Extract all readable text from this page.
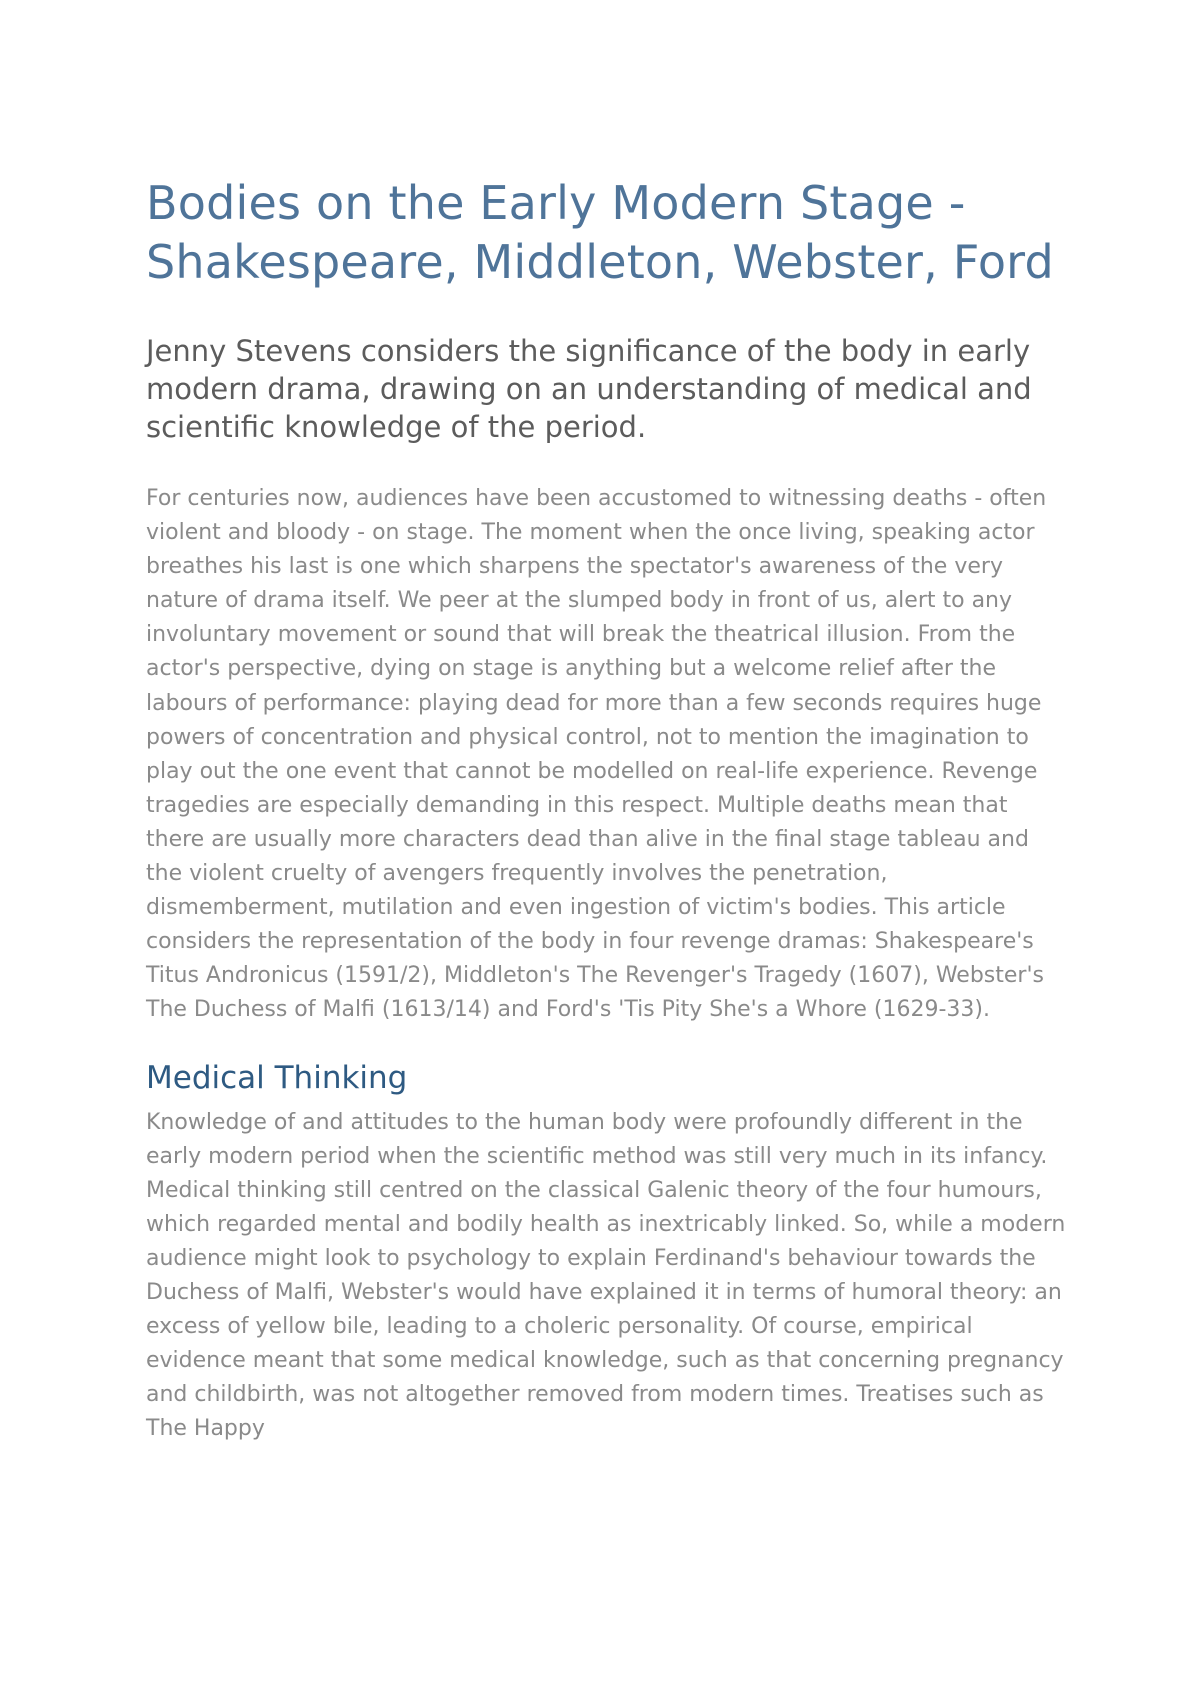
Bodies on the Early Modern Stage - Shakespeare, Middleton, Webster, Ford
Jenny Stevens considers the significance of the body in early modern drama, drawing on an understanding of medical and scientific knowledge of the period.

For centuries now, audiences have been accustomed to witnessing deaths - often violent and bloody - on stage. The moment when the once living, speaking actor breathes his last is one which sharpens the spectator's awareness of the very nature of drama itself. We peer at the slumped body in front of us, alert to any involuntary movement or sound that will break the theatrical illusion. From the actor's perspective, dying on stage is anything but a welcome relief after the labours of performance: playing dead for more than a few seconds requires huge powers of concentration and physical control, not to mention the imagination to play out the one event that cannot be modelled on real-life experience. Revenge tragedies are especially demanding in this respect. Multiple deaths mean that there are usually more characters dead than alive in the final stage tableau and the violent cruelty of avengers frequently involves the penetration, dismemberment, mutilation and even ingestion of victim's bodies. This article considers the representation of the body in four revenge dramas: Shakespeare's Titus Andronicus (1591/2), Middleton's The Revenger's Tragedy (1607), Webster's The Duchess of Malfi (1613/14) and Ford's 'Tis Pity She's a Whore (1629-33).

Medical Thinking

Knowledge of and attitudes to the human body were profoundly different in the early modern period when the scientific method was still very much in its infancy. Medical thinking still centred on the classical Galenic theory of the four humours, which regarded mental and bodily health as inextricably linked. So, while a modern audience might look to psychology to explain Ferdinand's behaviour towards the Duchess of Malfi, Webster's would have explained it in terms of humoral theory: an excess of yellow bile, leading to a choleric personality. Of course, empirical evidence meant that some medical knowledge, such as that concerning pregnancy and childbirth, was not altogether removed from modern times. Treatises such as The Happy
